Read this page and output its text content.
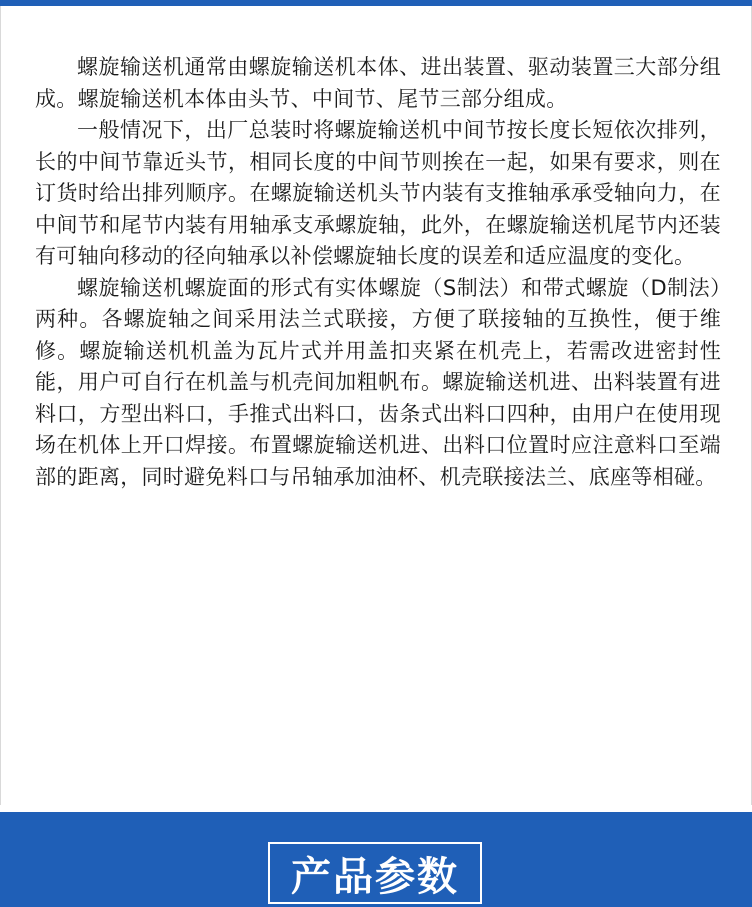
螺旋输送机通常由螺旋输送机本体、进出装置、驱动装置三大部分组成。螺旋输送机本体由头节、中间节、尾节三部分组成。

一般情况下，出厂总装时将螺旋输送机中间节按长度长短依次排列，长的中间节靠近头节，相同长度的中间节则挨在一起，如果有要求，则在订货时给出排列顺序。在螺旋输送机头节内装有支推轴承承受轴向力，在中间节和尾节内装有用轴承支承螺旋轴，此外，在螺旋输送机尾节内还装有可轴向移动的径向轴承以补偿螺旋轴长度的误差和适应温度的变化。

螺旋输送机螺旋面的形式有实体螺旋（S制法）和带式螺旋（D制法）两种。各螺旋轴之间采用法兰式联接，方便了联接轴的互换性，便于维修。螺旋输送机机盖为瓦片式并用盖扣夹紧在机壳上，若需改进密封性能，用户可自行在机盖与机壳间加粗帆布。螺旋输送机进、出料装置有进料口，方型出料口，手推式出料口，齿条式出料口四种，由用户在使用现场在机体上开口焊接。布置螺旋输送机进、出料口位置时应注意料口至端部的距离，同时避免料口与吊轴承加油杯、机壳联接法兰、底座等相碰。

产品参数
